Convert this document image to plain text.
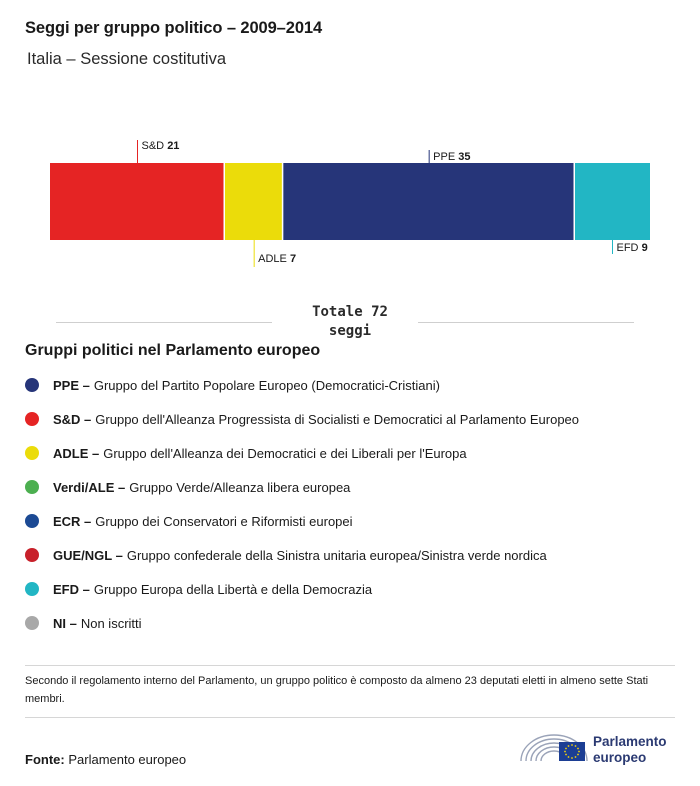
Seggi per gruppo politico – 2009–2014
Italia – Sessione costitutiva
S&D 21
ADLE 7
PPE 35
EFD 9
Totale 72
seggi
Gruppi politici nel Parlamento europeo
PPE – Gruppo del Partito Popolare Europeo (Democratici-Cristiani)
S&D – Gruppo dell'Alleanza Progressista di Socialisti e Democratici al Parlamento Europeo
ADLE – Gruppo dell'Alleanza dei Democratici e dei Liberali per l'Europa
Verdi/ALE – Gruppo Verde/Alleanza libera europea
ECR – Gruppo dei Conservatori e Riformisti europei
GUE/NGL – Gruppo confederale della Sinistra unitaria europea/Sinistra verde nordica
EFD – Gruppo Europa della Libertà e della Democrazia
NI – Non iscritti
Secondo il regolamento interno del Parlamento, un gruppo politico è composto da almeno 23 deputati eletti in almeno sette Stati membri.
Fonte: Parlamento europeo
Parlamento
europeo
